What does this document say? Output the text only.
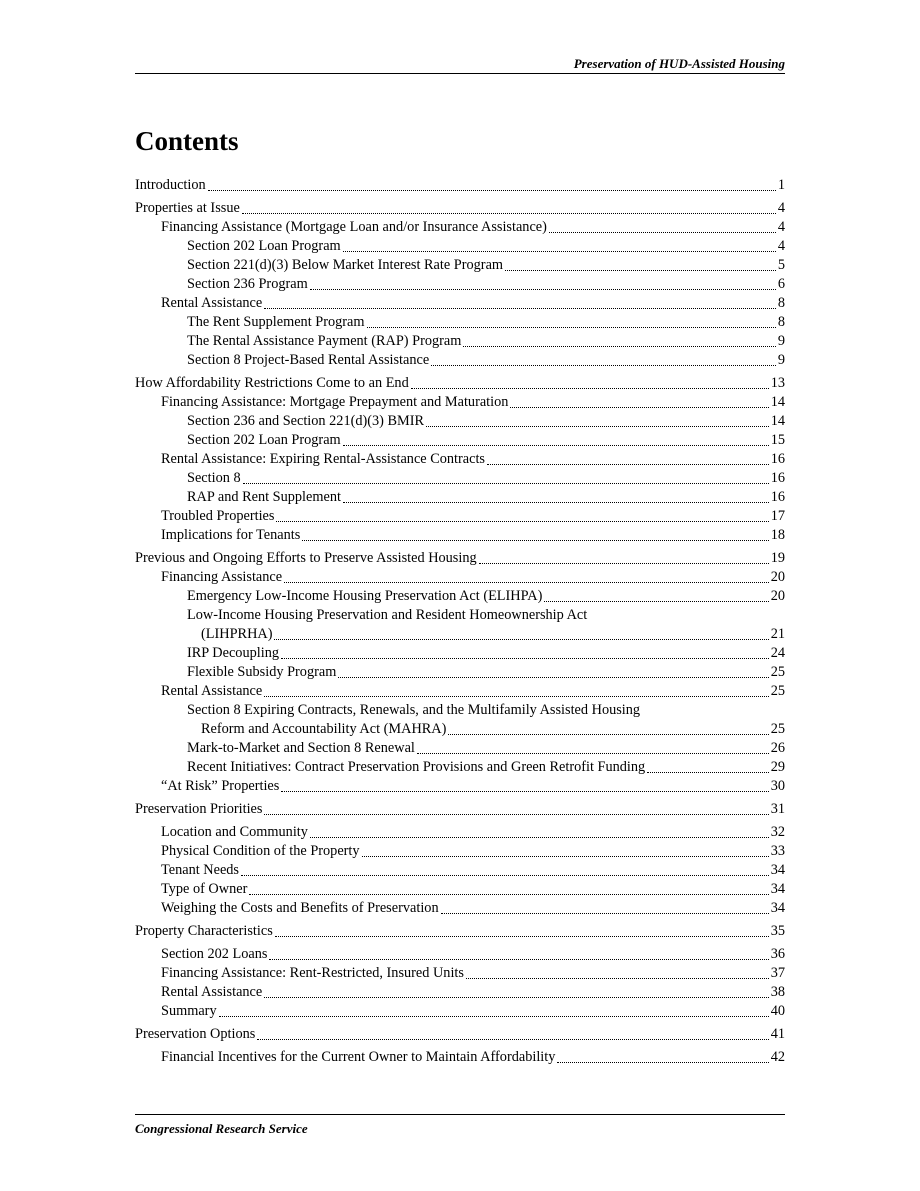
Preservation of HUD-Assisted Housing
Contents
Introduction	1
Properties at Issue	4
Financing Assistance (Mortgage Loan and/or Insurance Assistance)	4
Section 202 Loan Program	4
Section 221(d)(3) Below Market Interest Rate Program	5
Section 236 Program	6
Rental Assistance	8
The Rent Supplement Program	8
The Rental Assistance Payment (RAP) Program	9
Section 8 Project-Based Rental Assistance	9
How Affordability Restrictions Come to an End	13
Financing Assistance: Mortgage Prepayment and Maturation	14
Section 236 and Section 221(d)(3) BMIR	14
Section 202 Loan Program	15
Rental Assistance: Expiring Rental-Assistance Contracts	16
Section 8	16
RAP and Rent Supplement	16
Troubled Properties	17
Implications for Tenants	18
Previous and Ongoing Efforts to Preserve Assisted Housing	19
Financing Assistance	20
Emergency Low-Income Housing Preservation Act (ELIHPA)	20
Low-Income Housing Preservation and Resident Homeownership Act
(LIHPRHA)	21
IRP Decoupling	24
Flexible Subsidy Program	25
Rental Assistance	25
Section 8 Expiring Contracts, Renewals, and the Multifamily Assisted Housing
Reform and Accountability Act (MAHRA)	25
Mark-to-Market and Section 8 Renewal	26
Recent Initiatives: Contract Preservation Provisions and Green Retrofit Funding	29
“At Risk” Properties	30
Preservation Priorities	31
Location and Community	32
Physical Condition of the Property	33
Tenant Needs	34
Type of Owner	34
Weighing the Costs and Benefits of Preservation	34
Property Characteristics	35
Section 202 Loans	36
Financing Assistance: Rent-Restricted, Insured Units	37
Rental Assistance	38
Summary	40
Preservation Options	41
Financial Incentives for the Current Owner to Maintain Affordability	42
Congressional Research Service
